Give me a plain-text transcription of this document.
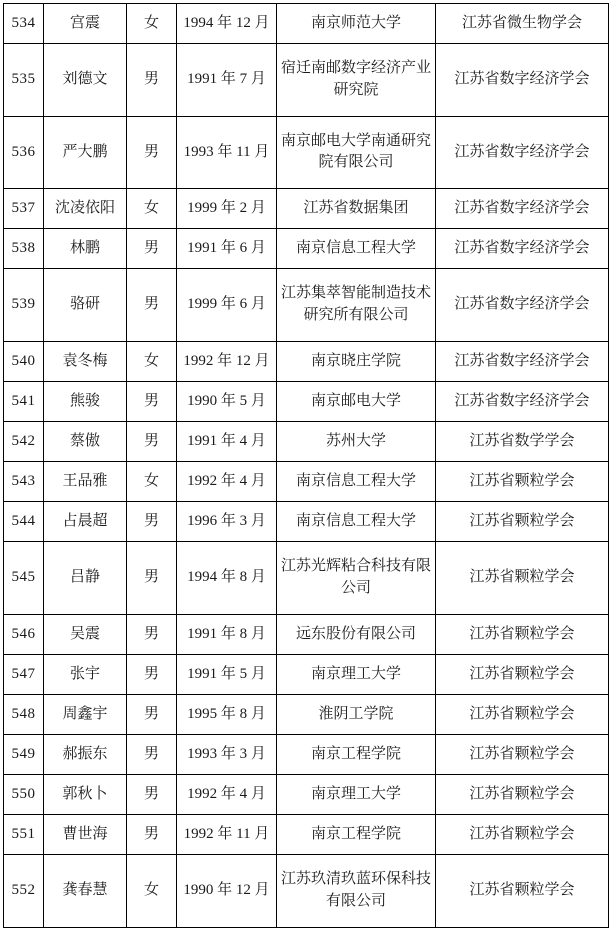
534	宫震	女	1994 年 12 月	南京师范大学	江苏省微生物学会
535	刘德文	男	1991 年 7 月	宿迁南邮数字经济产业研究院	江苏省数字经济学会
536	严大鹏	男	1993 年 11 月	南京邮电大学南通研究院有限公司	江苏省数字经济学会
537	沈凌依阳	女	1999 年 2 月	江苏省数据集团	江苏省数字经济学会
538	林鹏	男	1991 年 6 月	南京信息工程大学	江苏省数字经济学会
539	骆研	男	1999 年 6 月	江苏集萃智能制造技术研究所有限公司	江苏省数字经济学会
540	袁冬梅	女	1992 年 12 月	南京晓庄学院	江苏省数字经济学会
541	熊骏	男	1990 年 5 月	南京邮电大学	江苏省数字经济学会
542	蔡傲	男	1991 年 4 月	苏州大学	江苏省数学学会
543	王品雅	女	1992 年 4 月	南京信息工程大学	江苏省颗粒学会
544	占晨超	男	1996 年 3 月	南京信息工程大学	江苏省颗粒学会
545	吕静	男	1994 年 8 月	江苏光辉粘合科技有限公司	江苏省颗粒学会
546	吴震	男	1991 年 8 月	远东股份有限公司	江苏省颗粒学会
547	张宇	男	1991 年 5 月	南京理工大学	江苏省颗粒学会
548	周鑫宇	男	1995 年 8 月	淮阴工学院	江苏省颗粒学会
549	郝振东	男	1993 年 3 月	南京工程学院	江苏省颗粒学会
550	郭秋卜	男	1992 年 4 月	南京理工大学	江苏省颗粒学会
551	曹世海	男	1992 年 11 月	南京工程学院	江苏省颗粒学会
552	龚春慧	女	1990 年 12 月	江苏玖清玖蓝环保科技有限公司	江苏省颗粒学会
